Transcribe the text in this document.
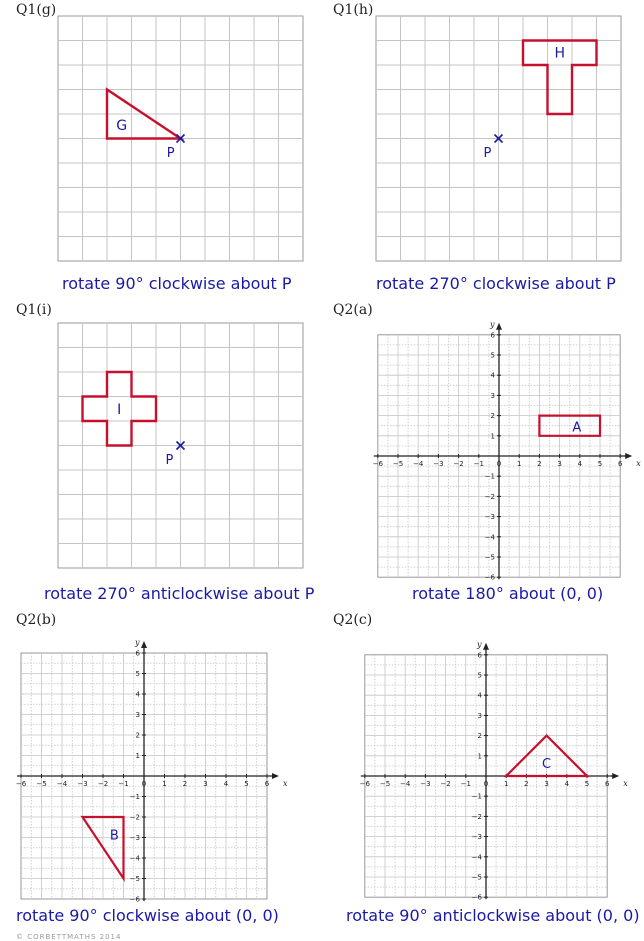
Q1(g)	Q1(h)
Q1(i)	Q2(a)
Q2(b)	Q2(c)
rotate 90° clockwise about P	rotate 270° clockwise about P
rotate 270° anticlockwise about P	rotate 180° about (0, 0)
rotate 90° clockwise about (0, 0)	rotate 90° anticlockwise about (0, 0)
© CORBETTMATHS 2014
G
P
H
P
I
P	−6 −5 −4 −3 −2 −1 0 1 2 3 4 5 6
6
5
4
3
2
1
−1
−2
−3
−4
−5
−6
x
y
A
−6 −5 −4 −3 −2 −1 0 1 2 3 4 5 6
6
5
4
3
2
1
−1
−2
−3
−4
−5
−6
x
y
B
−6 −5 −4 −3 −2 −1 0 1 2 3 4 5 6
6
5
4
3
2
1
−1
−2
−3
−4
−5
−6
x
y
C
